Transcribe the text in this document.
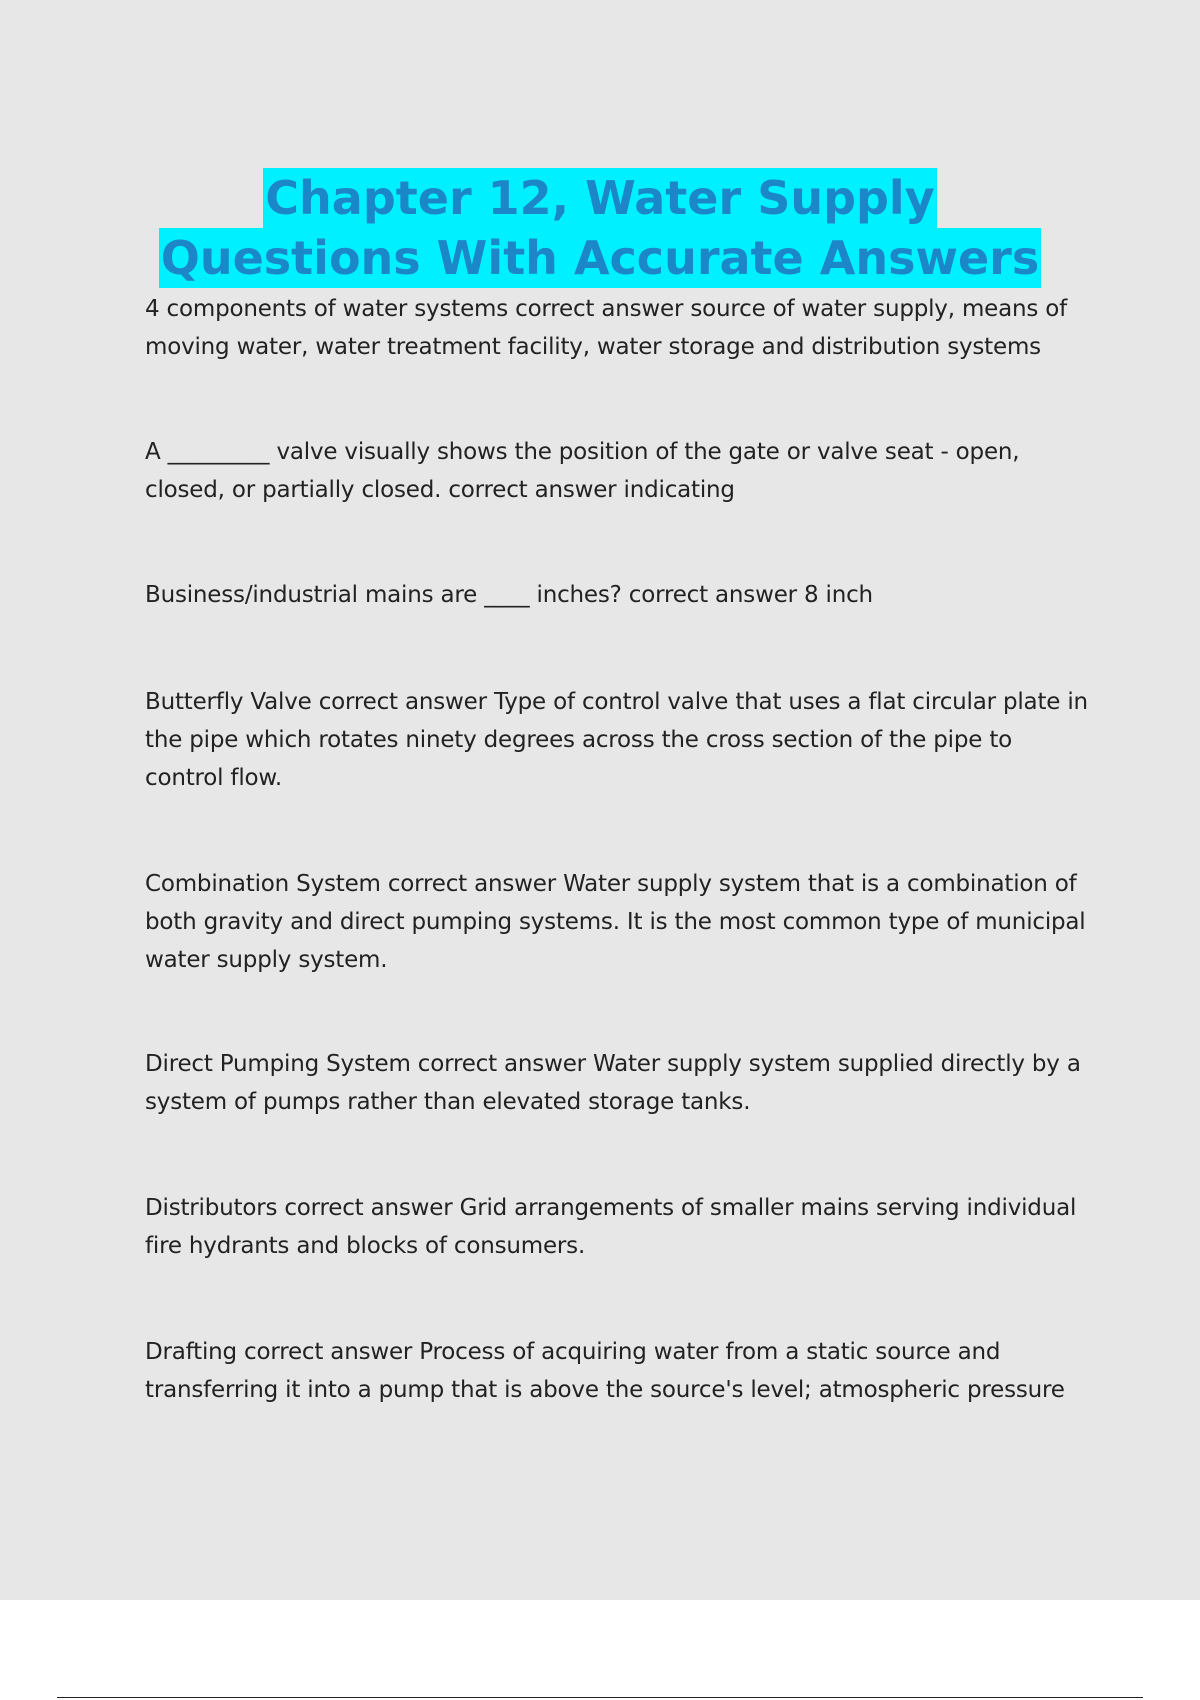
Chapter 12, Water Supply
Questions With Accurate Answers
4 components of water systems correct answer source of water supply, means of moving water, water treatment facility, water storage and distribution systems
A _________ valve visually shows the position of the gate or valve seat - open, closed, or partially closed. correct answer indicating
Business/industrial mains are ____ inches? correct answer 8 inch
Butterfly Valve correct answer Type of control valve that uses a flat circular plate in the pipe which rotates ninety degrees across the cross section of the pipe to control flow.
Combination System correct answer Water supply system that is a combination of both gravity and direct pumping systems. It is the most common type of municipal water supply system.
Direct Pumping System correct answer Water supply system supplied directly by a system of pumps rather than elevated storage tanks.
Distributors correct answer Grid arrangements of smaller mains serving individual fire hydrants and blocks of consumers.
Drafting correct answer Process of acquiring water from a static source and transferring it into a pump that is above the source's level; atmospheric pressure
